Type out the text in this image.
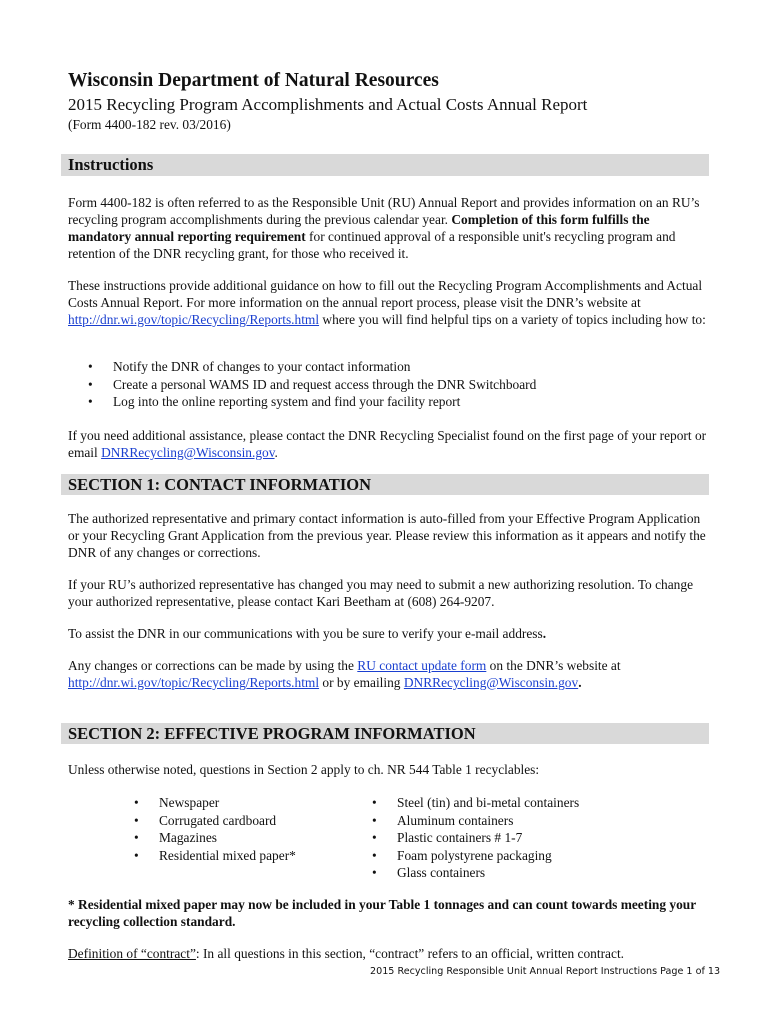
Wisconsin Department of Natural Resources
2015 Recycling Program Accomplishments and Actual Costs Annual Report
(Form 4400-182 rev. 03/2016)
Instructions

Form 4400-182 is often referred to as the Responsible Unit (RU) Annual Report and provides information on an RU’s recycling program accomplishments during the previous calendar year. Completion of this form fulfills the mandatory annual reporting requirement for continued approval of a responsible unit's recycling program and retention of the DNR recycling grant, for those who received it.

These instructions provide additional guidance on how to fill out the Recycling Program Accomplishments and Actual Costs Annual Report. For more information on the annual report process, please visit the DNR’s website at http://dnr.wi.gov/topic/Recycling/Reports.html where you will find helpful tips on a variety of topics including how to:

• Notify the DNR of changes to your contact information
• Create a personal WAMS ID and request access through the DNR Switchboard
• Log into the online reporting system and find your facility report

If you need additional assistance, please contact the DNR Recycling Specialist found on the first page of your report or email DNRRecycling@Wisconsin.gov.

SECTION 1: CONTACT INFORMATION

The authorized representative and primary contact information is auto-filled from your Effective Program Application or your Recycling Grant Application from the previous year. Please review this information as it appears and notify the DNR of any changes or corrections.

If your RU’s authorized representative has changed you may need to submit a new authorizing resolution. To change your authorized representative, please contact Kari Beetham at (608) 264-9207.

To assist the DNR in our communications with you be sure to verify your e-mail address.

Any changes or corrections can be made by using the RU contact update form on the DNR’s website at http://dnr.wi.gov/topic/Recycling/Reports.html or by emailing DNRRecycling@Wisconsin.gov.

SECTION 2: EFFECTIVE PROGRAM INFORMATION

Unless otherwise noted, questions in Section 2 apply to ch. NR 544 Table 1 recyclables:

• Newspaper
• Corrugated cardboard
• Magazines
• Residential mixed paper*
• Steel (tin) and bi-metal containers
• Aluminum containers
• Plastic containers # 1-7
• Foam polystyrene packaging
• Glass containers

* Residential mixed paper may now be included in your Table 1 tonnages and can count towards meeting your recycling collection standard.

Definition of “contract”: In all questions in this section, “contract” refers to an official, written contract.

2015 Recycling Responsible Unit Annual Report Instructions Page 1 of 13
